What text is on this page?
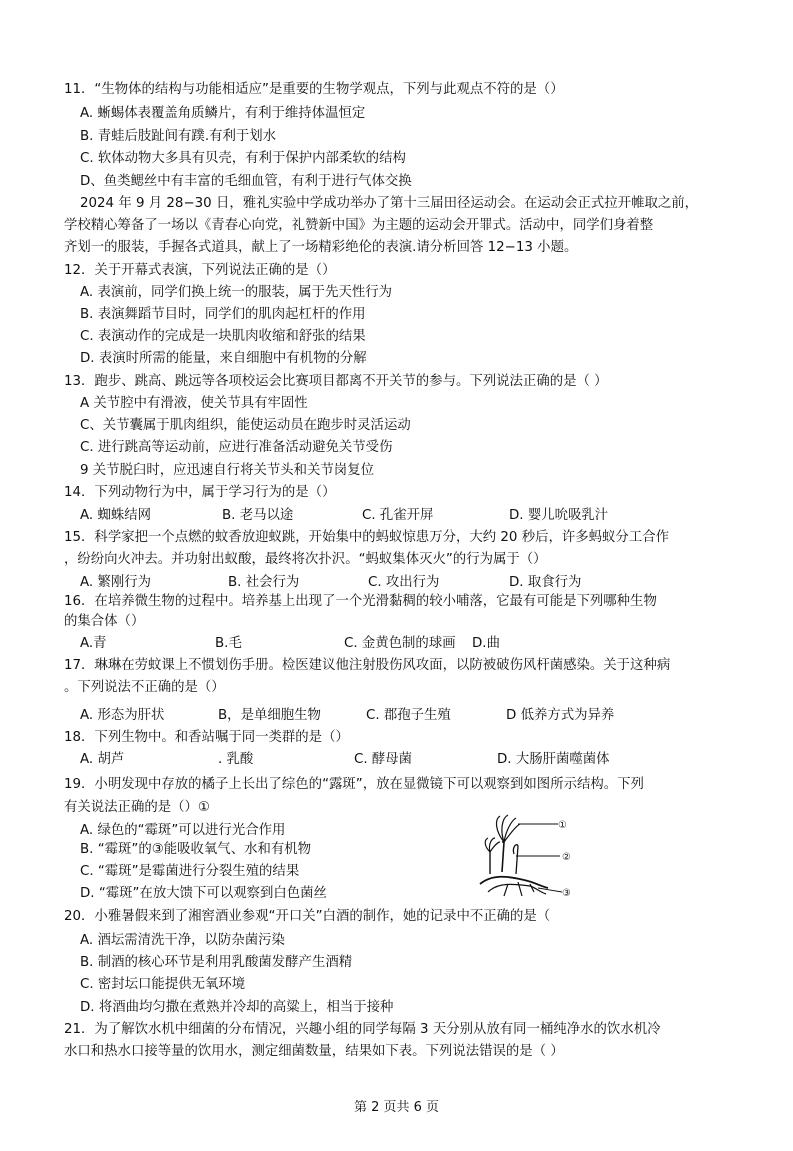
11．“生物体的结构与功能相适应”是重要的生物学观点，下列与此观点不符的是（）
A. 蜥蜴体表覆盖角质鳞片，有利于维持体温恒定
B. 青蛙后肢趾间有蹼.有利于划水
C. 软体动物大多具有贝壳，有利于保护内部柔软的结构
D、鱼类鳃丝中有丰富的毛细血管，有利于进行气体交换
2024 年 9 月 28−30 日，雅礼实验中学成功举办了第十三届田径运动会。在运动会正式拉开帷取之前，
学校精心筹备了一场以《青春心向党，礼赞新中国》为主题的运动会开罪式。活动中，同学们身着整
齐划一的服装，手握各式道具，献上了一场精彩绝伦的表演.请分析回答 12−13 小题。
12．关于开幕式表演，下列说法正确的是（）
A. 表演前，同学们换上统一的服装，属于先天性行为
B. 表演舞蹈节目时，同学们的肌肉起杠杆的作用
C. 表演动作的完成是一块肌肉收缩和舒张的结果
D. 表演时所需的能量，来自细胞中有机物的分解
13．跑步、跳高、跳远等各项校运会比赛项目都离不开关节的参与。下列说法正确的是（ ）
A 关节腔中有滑液，使关节具有牢固性
C、关节囊属于肌肉组织，能使运动员在跑步时灵活运动
C. 进行跳高等运动前，应进行准备活动避免关节受伤
9 关节脱臼时，应迅速自行将关节头和关节岗复位
14．下列动物行为中，属于学习行为的是（）
A. 蜘蛛结网	B. 老马以途	C. 孔雀开屏	D. 婴儿吮吸乳汁
15．科学家把一个点燃的蚊香放迎蚁跳，开始集中的蚂蚁惊患万分，大约 20 秒后，许多蚂蚁分工合作
，纷纷向火冲去。并功射出蚁酸，最终将次扑沢。“蚂蚁集体灭火”的行为属于（）
A. 繁刚行为	B. 社会行为	C. 攻出行为	D. 取食行为
16．在培养微生物的过程中。培养基上出现了一个光滑黏稠的较小哺落，它最有可能是下列哪种生物
的集合体（）
A.青	B.毛	C. 金黄色制的球画 D.曲
17．琳琳在劳蚊课上不惯划伤手册。检医建议他注射股伤风攻面，以防被破伤风杆菌感染。关于这种病
。下列说法不正确的是（）
A. 形态为肝状	B，是单细胞生物	C. 郡孢子生殖	D 低养方式为异养
18．下列生物中。和香站嘱于同一类群的是（）
A. 胡芦	. 乳酸	C. 酵母菌	D. 大肠肝菌噬菌体
19．小明发现中存放的橘子上长出了综色的“露斑”，放在显微镜下可以观察到如图所示结构。下列
有关说法正确的是（）①
A. 绿色的“霉斑”可以进行光合作用
B. “霉斑”的③能吸收氧气、水和有机物
C. “霉斑”是霉菌进行分裂生殖的结果
D. “霉斑”在放大馈下可以观察到白色菌丝
①
②
③
20．小雅暑假来到了湘窖酒业参观“开口关”白酒的制作，她的记录中不正确的是（
A. 酒坛需清洗干净，以防杂菌污染
B. 制酒的核心环节是利用乳酸菌发酵产生酒精
C. 密封坛口能提供无氧环境
D. 将酒曲均匀撒在煮熟并冷却的高粱上，相当于接种
21．为了解饮水机中细菌的分布情况，兴趣小组的同学每隔 3 天分别从放有同一桶纯净水的饮水机冷
水口和热水口接等量的饮用水，测定细菌数量，结果如下表。下列说法错误的是（ ）
第 2 页共 6 页
